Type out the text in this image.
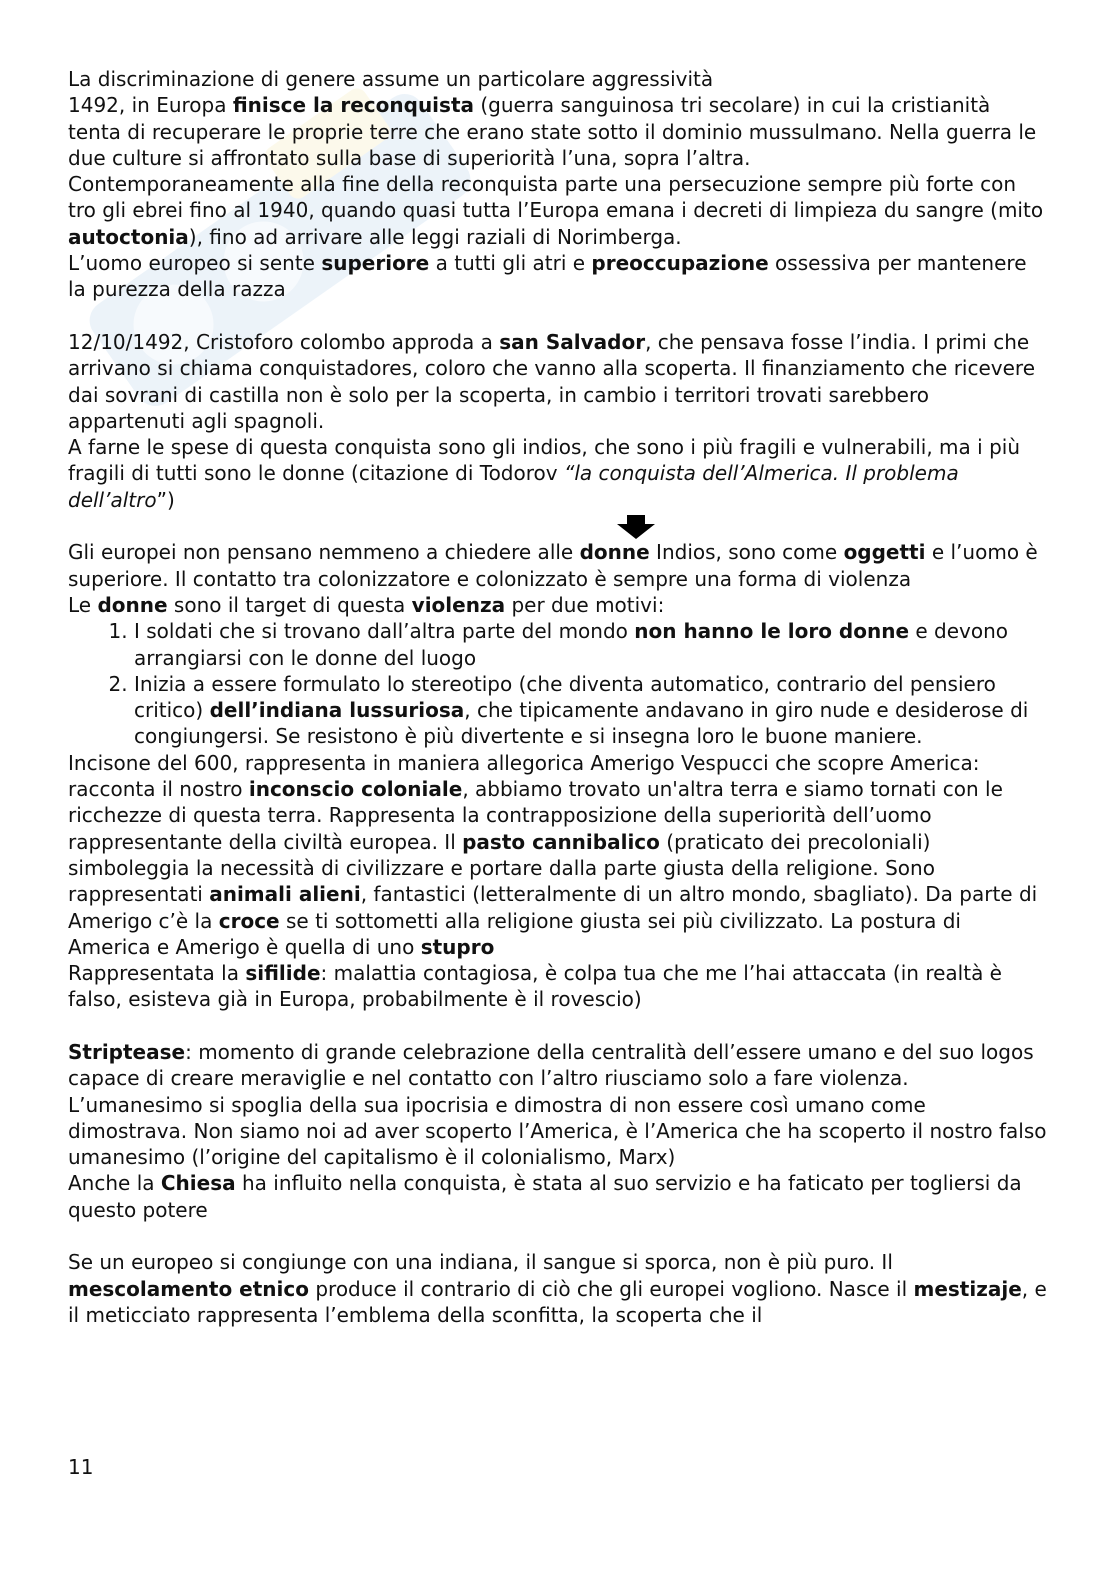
La discriminazione di genere assume un particolare aggressività

1492, in Europa finisce la reconquista (guerra sanguinosa tri secolare) in cui la cristianità tenta di recuperare le proprie terre che erano state sotto il dominio mussulmano. Nella guerra le due culture si affrontato sulla base di superiorità l’una, sopra l’altra.

Contemporaneamente alla fine della reconquista parte una persecuzione sempre più forte con tro gli ebrei fino al 1940, quando quasi tutta l’Europa emana i decreti di limpieza du sangre (mito autoctonia), fino ad arrivare alle leggi raziali di Norimberga.

L’uomo europeo si sente superiore a tutti gli atri e preoccupazione ossessiva per mantenere la purezza della razza

12/10/1492, Cristoforo colombo approda a san Salvador, che pensava fosse l’india. I primi che arrivano si chiama conquistadores, coloro che vanno alla scoperta. Il finanziamento che ricevere dai sovrani di castilla non è solo per la scoperta, in cambio i territori trovati sarebbero appartenuti agli spagnoli.

A farne le spese di questa conquista sono gli indios, che sono i più fragili e vulnerabili, ma i più fragili di tutti sono le donne (citazione di Todorov “la conquista dell’Almerica. Il problema dell’altro”)

Gli europei non pensano nemmeno a chiedere alle donne Indios, sono come oggetti e l’uomo è superiore. Il contatto tra colonizzatore e colonizzato è sempre una forma di violenza

Le donne sono il target di questa violenza per due motivi:

1. I soldati che si trovano dall’altra parte del mondo non hanno le loro donne e devono arrangiarsi con le donne del luogo
2. Inizia a essere formulato lo stereotipo (che diventa automatico, contrario del pensiero critico) dell’indiana lussuriosa, che tipicamente andavano in giro nude e desiderose di congiungersi. Se resistono è più divertente e si insegna loro le buone maniere.

Incisone del 600, rappresenta in maniera allegorica Amerigo Vespucci che scopre America: racconta il nostro inconscio coloniale, abbiamo trovato un'altra terra e siamo tornati con le ricchezze di questa terra. Rappresenta la contrapposizione della superiorità dell’uomo rappresentante della civiltà europea. Il pasto cannibalico (praticato dei precoloniali) simboleggia la necessità di civilizzare e portare dalla parte giusta della religione. Sono rappresentati animali alieni, fantastici (letteralmente di un altro mondo, sbagliato). Da parte di Amerigo c’è la croce se ti sottometti alla religione giusta sei più civilizzato. La postura di America e Amerigo è quella di uno stupro

Rappresentata la sifilide: malattia contagiosa, è colpa tua che me l’hai attaccata (in realtà è falso, esisteva già in Europa, probabilmente è il rovescio)

Striptease: momento di grande celebrazione della centralità dell’essere umano e del suo logos capace di creare meraviglie e nel contatto con l’altro riusciamo solo a fare violenza. L’umanesimo si spoglia della sua ipocrisia e dimostra di non essere così umano come dimostrava. Non siamo noi ad aver scoperto l’America, è l’America che ha scoperto il nostro falso umanesimo (l’origine del capitalismo è il colonialismo, Marx)

Anche la Chiesa ha influito nella conquista, è stata al suo servizio e ha faticato per togliersi da questo potere

Se un europeo si congiunge con una indiana, il sangue si sporca, non è più puro. Il mescolamento etnico produce il contrario di ciò che gli europei vogliono. Nasce il mestizaje, e il meticciato rappresenta l’emblema della sconfitta, la scoperta che il

11
